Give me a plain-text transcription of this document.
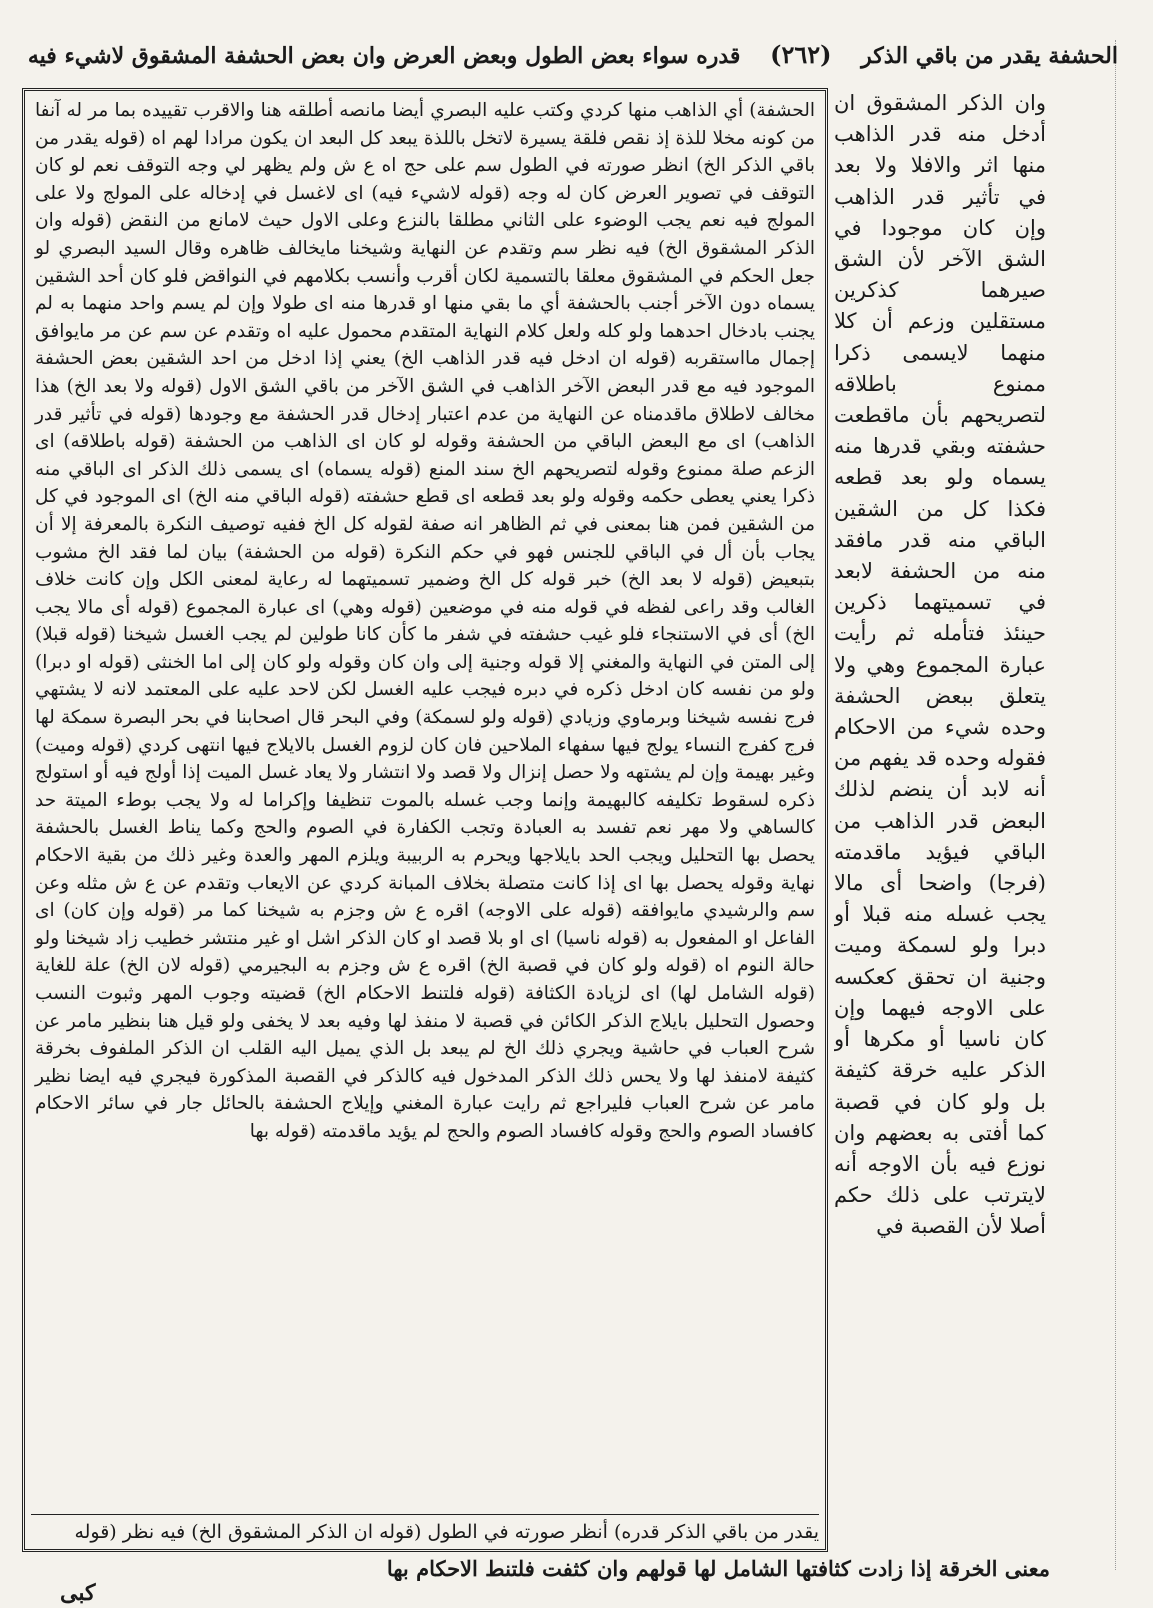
الحشفة يقدر من باقي الذكر (٢٦٢) قدره سواء بعض الطول وبعض العرض وان بعض الحشفة المشقوق لاشيء فيه

وان الذكر المشقوق ان أدخل منه قدر الذاهب منها اثر والافلا ولا بعد في تأثير قدر الذاهب وإن كان موجودا في الشق الآخر لأن الشق صيرهما كذكرين مستقلين وزعم أن كلا منهما لايسمى ذكرا ممنوع باطلاقه لتصريحهم بأن ماقطعت حشفته وبقي قدرها منه يسماه ولو بعد قطعه فكذا كل من الشقين الباقي منه قدر مافقد منه من الحشفة لابعد في تسميتهما ذكرين حينئذ فتأمله ثم رأيت عبارة المجموع وهي ولا يتعلق ببعض الحشفة وحده شيء من الاحكام فقوله وحده قد يفهم من أنه لابد أن ينضم لذلك البعض قدر الذاهب من الباقي فيؤيد ماقدمته (فرجا) واضحا أى مالا يجب غسله منه قبلا أو دبرا ولو لسمكة وميت وجنية ان تحقق كعكسه على الاوجه فيهما وإن كان ناسيا أو مكرها أو الذكر عليه خرقة كثيفة بل ولو كان في قصبة كما أفتى به بعضهم وان نوزع فيه بأن الاوجه أنه لايترتب على ذلك حكم أصلا لأن القصبة في

الحشفة) أي الذاهب منها كردي وكتب عليه البصري أيضا مانصه أطلقه هنا والاقرب تقييده بما مر له آنفا من كونه مخلا للذة إذ نقص فلقة يسيرة لاتخل باللذة يبعد كل البعد ان يكون مرادا لهم اه (قوله يقدر من باقي الذكر الخ) انظر صورته في الطول سم على حج اه ع ش ولم يظهر لي وجه التوقف نعم لو كان التوقف في تصوير العرض كان له وجه (قوله لاشيء فيه) اى لاغسل في إدخاله على المولج ولا على المولج فيه نعم يجب الوضوء على الثاني مطلقا بالنزع وعلى الاول حيث لامانع من النقض (قوله وان الذكر المشقوق الخ) فيه نظر سم وتقدم عن النهاية وشيخنا مايخالف ظاهره وقال السيد البصري لو جعل الحكم في المشقوق معلقا بالتسمية لكان أقرب وأنسب بكلامهم في النواقض فلو كان أحد الشقين يسماه دون الآخر أجنب بالحشفة أي ما بقي منها او قدرها منه اى طولا وإن لم يسم واحد منهما به لم يجنب بادخال احدهما ولو كله ولعل كلام النهاية المتقدم محمول عليه اه وتقدم عن سم عن مر مايوافق إجمال مااستقربه (قوله ان ادخل فيه قدر الذاهب الخ) يعني إذا ادخل من احد الشقين بعض الحشفة الموجود فيه مع قدر البعض الآخر الذاهب في الشق الآخر من باقي الشق الاول (قوله ولا بعد الخ) هذا مخالف لاطلاق ماقدمناه عن النهاية من عدم اعتبار إدخال قدر الحشفة مع وجودها (قوله في تأثير قدر الذاهب) اى مع البعض الباقي من الحشفة وقوله لو كان اى الذاهب من الحشفة (قوله باطلاقه) اى الزعم صلة ممنوع وقوله لتصريحهم الخ سند المنع (قوله يسماه) اى يسمى ذلك الذكر اى الباقي منه ذكرا يعني يعطى حكمه وقوله ولو بعد قطعه اى قطع حشفته (قوله الباقي منه الخ) اى الموجود في كل من الشقين فمن هنا بمعنى في ثم الظاهر انه صفة لقوله كل الخ ففيه توصيف النكرة بالمعرفة إلا أن يجاب بأن أل في الباقي للجنس فهو في حكم النكرة (قوله من الحشفة) بيان لما فقد الخ مشوب بتبعيض (قوله لا بعد الخ) خبر قوله كل الخ وضمير تسميتهما له رعاية لمعنى الكل وإن كانت خلاف الغالب وقد راعى لفظه في قوله منه في موضعين (قوله وهي) اى عبارة المجموع (قوله أى مالا يجب الخ) أى في الاستنجاء فلو غيب حشفته في شفر ما كأن كانا طولين لم يجب الغسل شيخنا (قوله قبلا) إلى المتن في النهاية والمغني إلا قوله وجنية إلى وان كان وقوله ولو كان إلى اما الخنثى (قوله او دبرا) ولو من نفسه كان ادخل ذكره في دبره فيجب عليه الغسل لكن لاحد عليه على المعتمد لانه لا يشتهي فرج نفسه شيخنا وبرماوي وزيادي (قوله ولو لسمكة) وفي البحر قال اصحابنا في بحر البصرة سمكة لها فرج كفرج النساء يولج فيها سفهاء الملاحين فان كان لزوم الغسل بالايلاج فيها انتهى كردي (قوله وميت) وغير بهيمة وإن لم يشتهه ولا حصل إنزال ولا قصد ولا انتشار ولا يعاد غسل الميت إذا أولج فيه أو استولج ذكره لسقوط تكليفه كالبهيمة وإنما وجب غسله بالموت تنظيفا وإكراما له ولا يجب بوطء الميتة حد كالساهي ولا مهر نعم تفسد به العبادة وتجب الكفارة في الصوم والحج وكما يناط الغسل بالحشفة يحصل بها التحليل ويجب الحد بايلاجها ويحرم به الربيبة ويلزم المهر والعدة وغير ذلك من بقية الاحكام نهاية وقوله يحصل بها اى إذا كانت متصلة بخلاف المبانة كردي عن الايعاب وتقدم عن ع ش مثله وعن سم والرشيدي مايوافقه (قوله على الاوجه) اقره ع ش وجزم به شيخنا كما مر (قوله وإن كان) اى الفاعل او المفعول به (قوله ناسيا) اى او بلا قصد او كان الذكر اشل او غير منتشر خطيب زاد شيخنا ولو حالة النوم اه (قوله ولو كان في قصبة الخ) اقره ع ش وجزم به البجيرمي (قوله لان الخ) علة للغاية (قوله الشامل لها) اى لزيادة الكثافة (قوله فلتنط الاحكام الخ) قضيته وجوب المهر وثبوت النسب وحصول التحليل بايلاج الذكر الكائن في قصبة لا منفذ لها وفيه بعد لا يخفى ولو قيل هنا بنظير مامر عن شرح العباب في حاشية ويجري ذلك الخ لم يبعد بل الذي يميل اليه القلب ان الذكر الملفوف بخرقة كثيفة لامنفذ لها ولا يحس ذلك الذكر المدخول فيه كالذكر في القصبة المذكورة فيجري فيه ايضا نظير مامر عن شرح العباب فليراجع ثم رايت عبارة المغني وإيلاج الحشفة بالحائل جار في سائر الاحكام كافساد الصوم والحج وقوله كافساد الصوم والحج لم يؤيد ماقدمته (قوله بها

يقدر من باقي الذكر قدره) أنظر صورته في الطول (قوله ان الذكر المشقوق الخ) فيه نظر (قوله
معنى الخرقة إذا زادت كثافتها الشامل لها قولهم وان كثفت فلتنط الاحكام بها
كبى
